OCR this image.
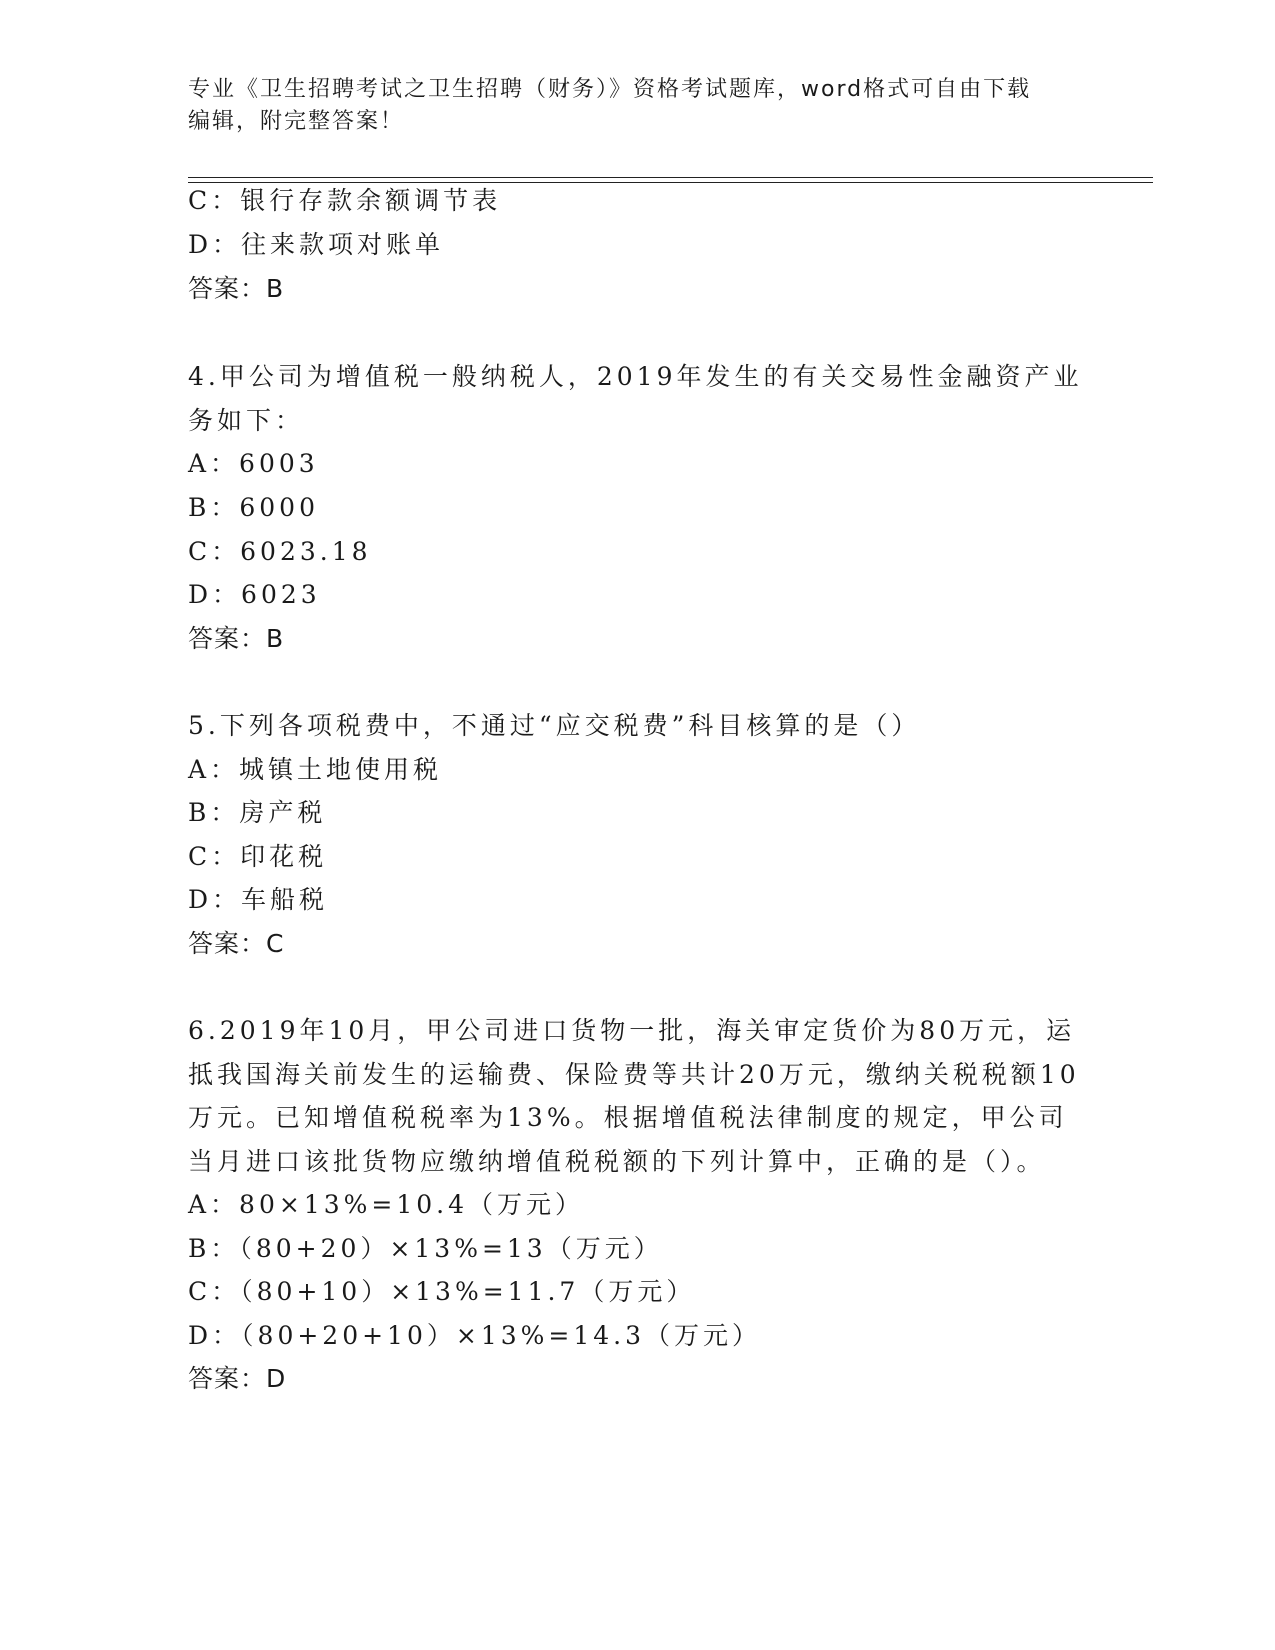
专业《卫生招聘考试之卫生招聘（财务）》资格考试题库，word格式可自由下载
编辑，附完整答案！
C：银行存款余额调节表
D：往来款项对账单
答案：B
4.甲公司为增值税一般纳税人，2019年发生的有关交易性金融资产业
务如下：
A：6003
B：6000
C：6023.18
D：6023
答案：B
5.下列各项税费中，不通过“应交税费”科目核算的是（）
A：城镇土地使用税
B：房产税
C：印花税
D：车船税
答案：C
6.2019年10月，甲公司进口货物一批，海关审定货价为80万元，运
抵我国海关前发生的运输费、保险费等共计20万元，缴纳关税税额10
万元。已知增值税税率为13%。根据增值税法律制度的规定，甲公司
当月进口该批货物应缴纳增值税税额的下列计算中，正确的是（）。
A：80×13%=10.4（万元）
B：（80+20）×13%=13（万元）
C：（80+10）×13%=11.7（万元）
D：（80+20+10）×13%=14.3（万元）
答案：D
